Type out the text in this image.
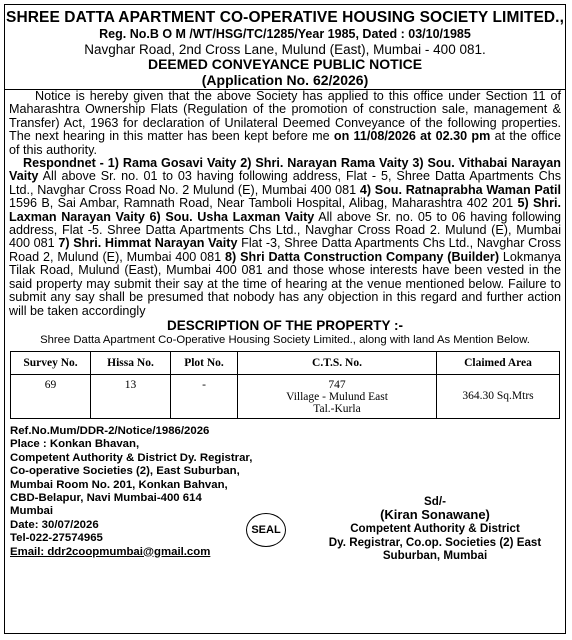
SHREE DATTA APARTMENT CO-OPERATIVE HOUSING SOCIETY LIMITED.,
Reg. No.B O M /WT/HSG/TC/1285/Year 1985, Dated : 03/10/1985
Navghar Road, 2nd Cross Lane, Mulund (East), Mumbai - 400 081.
DEEMED CONVEYANCE PUBLIC NOTICE
(Application No. 62/2026)

Notice is hereby given that the above Society has applied to this office under Section 11 of Maharashtra Ownership Flats (Regulation of the promotion of construction sale, management & Transfer) Act, 1963 for declaration of Unilateral Deemed Conveyance of the following properties. The next hearing in this matter has been kept before me on 11/08/2026 at 02.30 pm at the office of this authority.

Respondnet - 1) Rama Gosavi Vaity 2) Shri. Narayan Rama Vaity 3) Sou. Vithabai Narayan Vaity All above Sr. no. 01 to 03 having following address, Flat - 5, Shree Datta Apartments Chs Ltd., Navghar Cross Road No. 2 Mulund (E), Mumbai 400 081 4) Sou. Ratnaprabha Waman Patil 1596 B, Sai Ambar, Ramnath Road, Near Tamboli Hospital, Alibag, Maharashtra 402 201 5) Shri. Laxman Narayan Vaity 6) Sou. Usha Laxman Vaity All above Sr. no. 05 to 06 having following address, Flat -5. Shree Datta Apartments Chs Ltd., Navghar Cross Road 2. Mulund (E), Mumbai 400 081 7) Shri. Himmat Narayan Vaity Flat -3, Shree Datta Apartments Chs Ltd., Navghar Cross Road 2, Mulund (E), Mumbai 400 081 8) Shri Datta Construction Company (Builder) Lokmanya Tilak Road, Mulund (East), Mumbai 400 081 and those whose interests have been vested in the said property may submit their say at the time of hearing at the venue mentioned below. Failure to submit any say shall be presumed that nobody has any objection in this regard and further action will be taken accordingly

DESCRIPTION OF THE PROPERTY :-
Shree Datta Apartment Co-Operative Housing Society Limited., along with land As Mention Below.
Survey No.	Hissa No.	Plot No.	C.T.S. No.	Claimed Area
69	13	-	747
Village - Mulund East
Tal.-Kurla	364.30 Sq.Mtrs
Ref.No.Mum/DDR-2/Notice/1986/2026
Place : Konkan Bhavan,
Competent Authority & District Dy. Registrar,
Co-operative Societies (2), East Suburban,
Mumbai Room No. 201, Konkan Bahvan,
CBD-Belapur, Navi Mumbai-400 614
Mumbai
Date: 30/07/2026
Tel-022-27574965
Email: ddr2coopmumbai@gmail.com
SEAL
Sd/-
(Kiran Sonawane)
Competent Authority & District
Dy. Registrar, Co.op. Societies (2) East
Suburban, Mumbai
